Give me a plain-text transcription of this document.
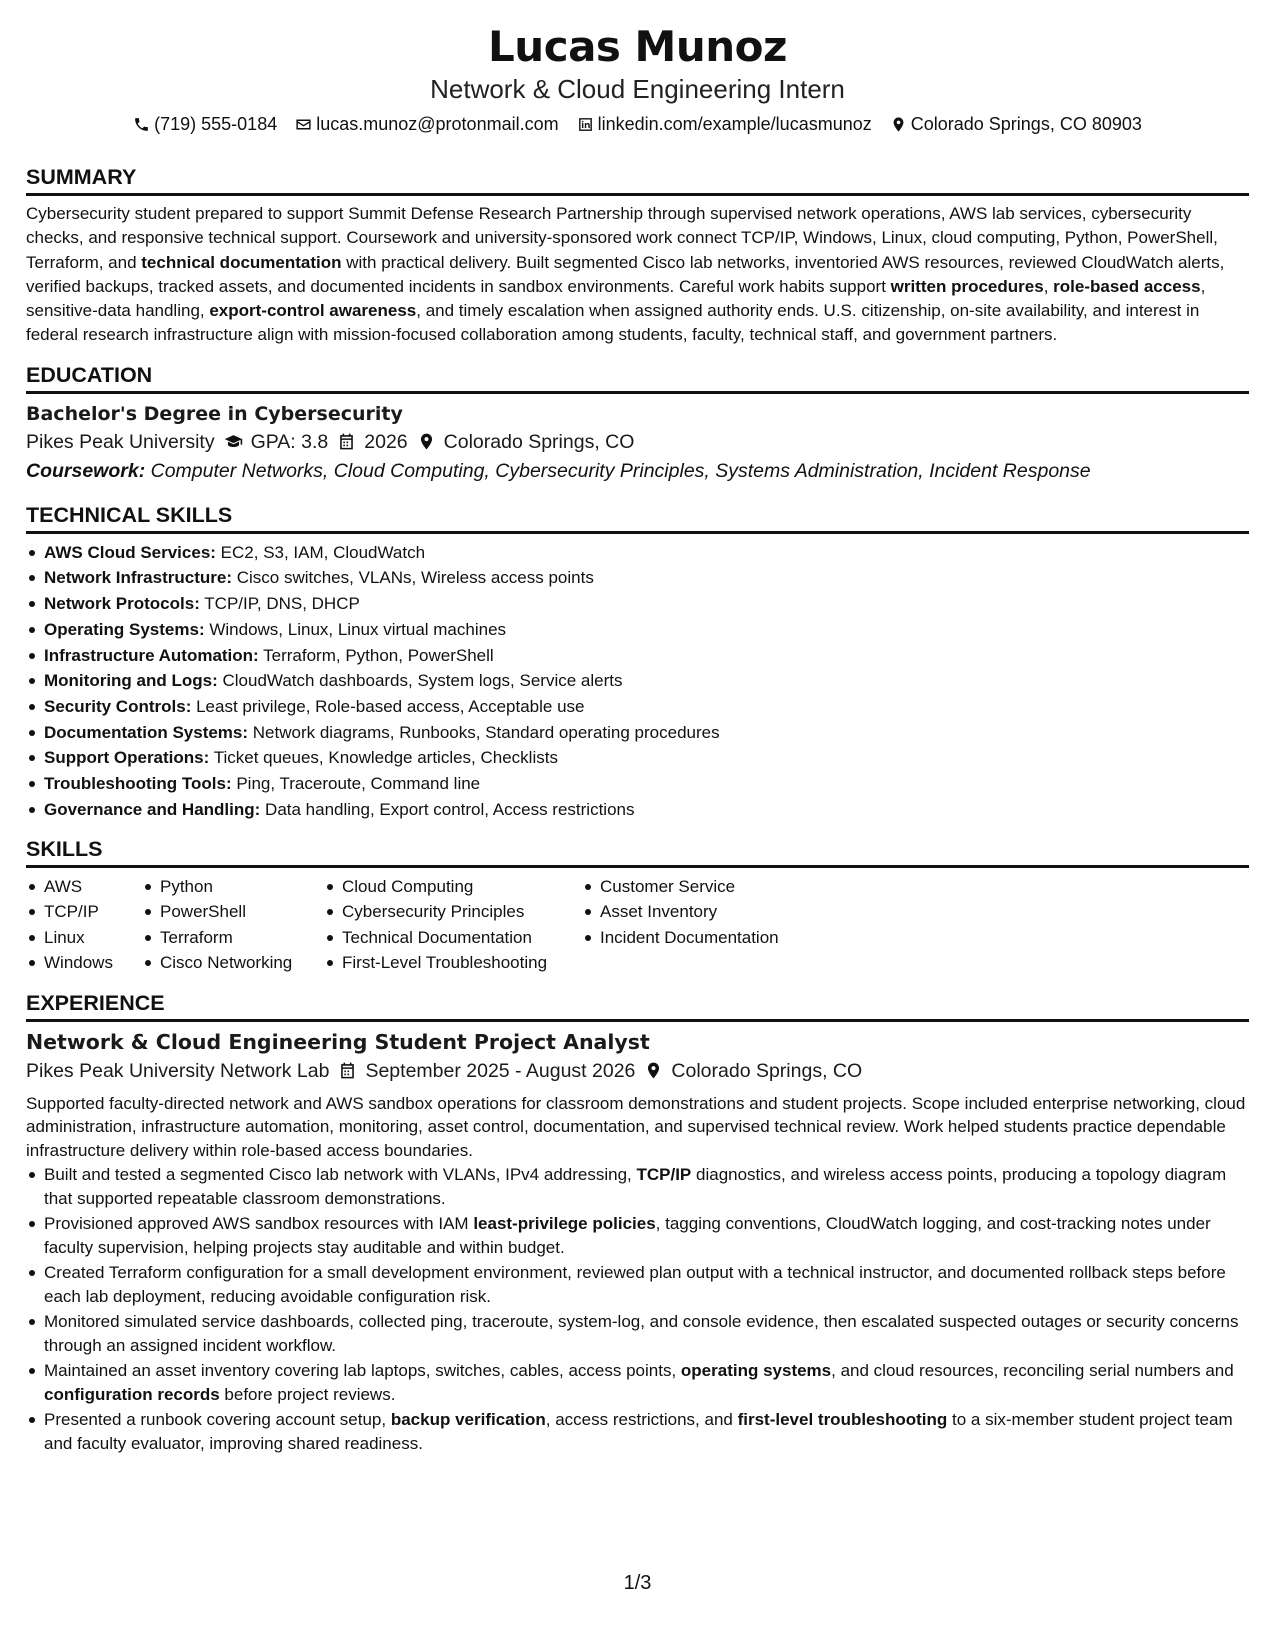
Lucas Munoz
Network & Cloud Engineering Intern
(719) 555-0184 lucas.munoz@protonmail.com linkedin.com/example/lucasmunoz Colorado Springs, CO 80903
SUMMARY
Cybersecurity student prepared to support Summit Defense Research Partnership through supervised network operations, AWS lab services, cybersecurity checks, and responsive technical support. Coursework and university-sponsored work connect TCP/IP, Windows, Linux, cloud computing, Python, PowerShell, Terraform, and technical documentation with practical delivery. Built segmented Cisco lab networks, inventoried AWS resources, reviewed CloudWatch alerts, verified backups, tracked assets, and documented incidents in sandbox environments. Careful work habits support written procedures, role-based access, sensitive-data handling, export-control awareness, and timely escalation when assigned authority ends. U.S. citizenship, on-site availability, and interest in federal research infrastructure align with mission-focused collaboration among students, faculty, technical staff, and government partners.
EDUCATION
Bachelor's Degree in Cybersecurity
Pikes Peak University GPA: 3.8 2026 Colorado Springs, CO
Coursework: Computer Networks, Cloud Computing, Cybersecurity Principles, Systems Administration, Incident Response
TECHNICAL SKILLS
AWS Cloud Services: EC2, S3, IAM, CloudWatch
Network Infrastructure: Cisco switches, VLANs, Wireless access points
Network Protocols: TCP/IP, DNS, DHCP
Operating Systems: Windows, Linux, Linux virtual machines
Infrastructure Automation: Terraform, Python, PowerShell
Monitoring and Logs: CloudWatch dashboards, System logs, Service alerts
Security Controls: Least privilege, Role-based access, Acceptable use
Documentation Systems: Network diagrams, Runbooks, Standard operating procedures
Support Operations: Ticket queues, Knowledge articles, Checklists
Troubleshooting Tools: Ping, Traceroute, Command line
Governance and Handling: Data handling, Export control, Access restrictions
SKILLS
AWS
TCP/IP
Linux
Windows
Python
PowerShell
Terraform
Cisco Networking
Cloud Computing
Cybersecurity Principles
Technical Documentation
First-Level Troubleshooting
Customer Service
Asset Inventory
Incident Documentation
EXPERIENCE
Network & Cloud Engineering Student Project Analyst
Pikes Peak University Network Lab September 2025 - August 2026 Colorado Springs, CO
Supported faculty-directed network and AWS sandbox operations for classroom demonstrations and student projects. Scope included enterprise networking, cloud administration, infrastructure automation, monitoring, asset control, documentation, and supervised technical review. Work helped students practice dependable infrastructure delivery within role-based access boundaries.
Built and tested a segmented Cisco lab network with VLANs, IPv4 addressing, TCP/IP diagnostics, and wireless access points, producing a topology diagram that supported repeatable classroom demonstrations.
Provisioned approved AWS sandbox resources with IAM least-privilege policies, tagging conventions, CloudWatch logging, and cost-tracking notes under faculty supervision, helping projects stay auditable and within budget.
Created Terraform configuration for a small development environment, reviewed plan output with a technical instructor, and documented rollback steps before each lab deployment, reducing avoidable configuration risk.
Monitored simulated service dashboards, collected ping, traceroute, system-log, and console evidence, then escalated suspected outages or security concerns through an assigned incident workflow.
Maintained an asset inventory covering lab laptops, switches, cables, access points, operating systems, and cloud resources, reconciling serial numbers and configuration records before project reviews.
Presented a runbook covering account setup, backup verification, access restrictions, and first-level troubleshooting to a six-member student project team and faculty evaluator, improving shared readiness.
1/3
